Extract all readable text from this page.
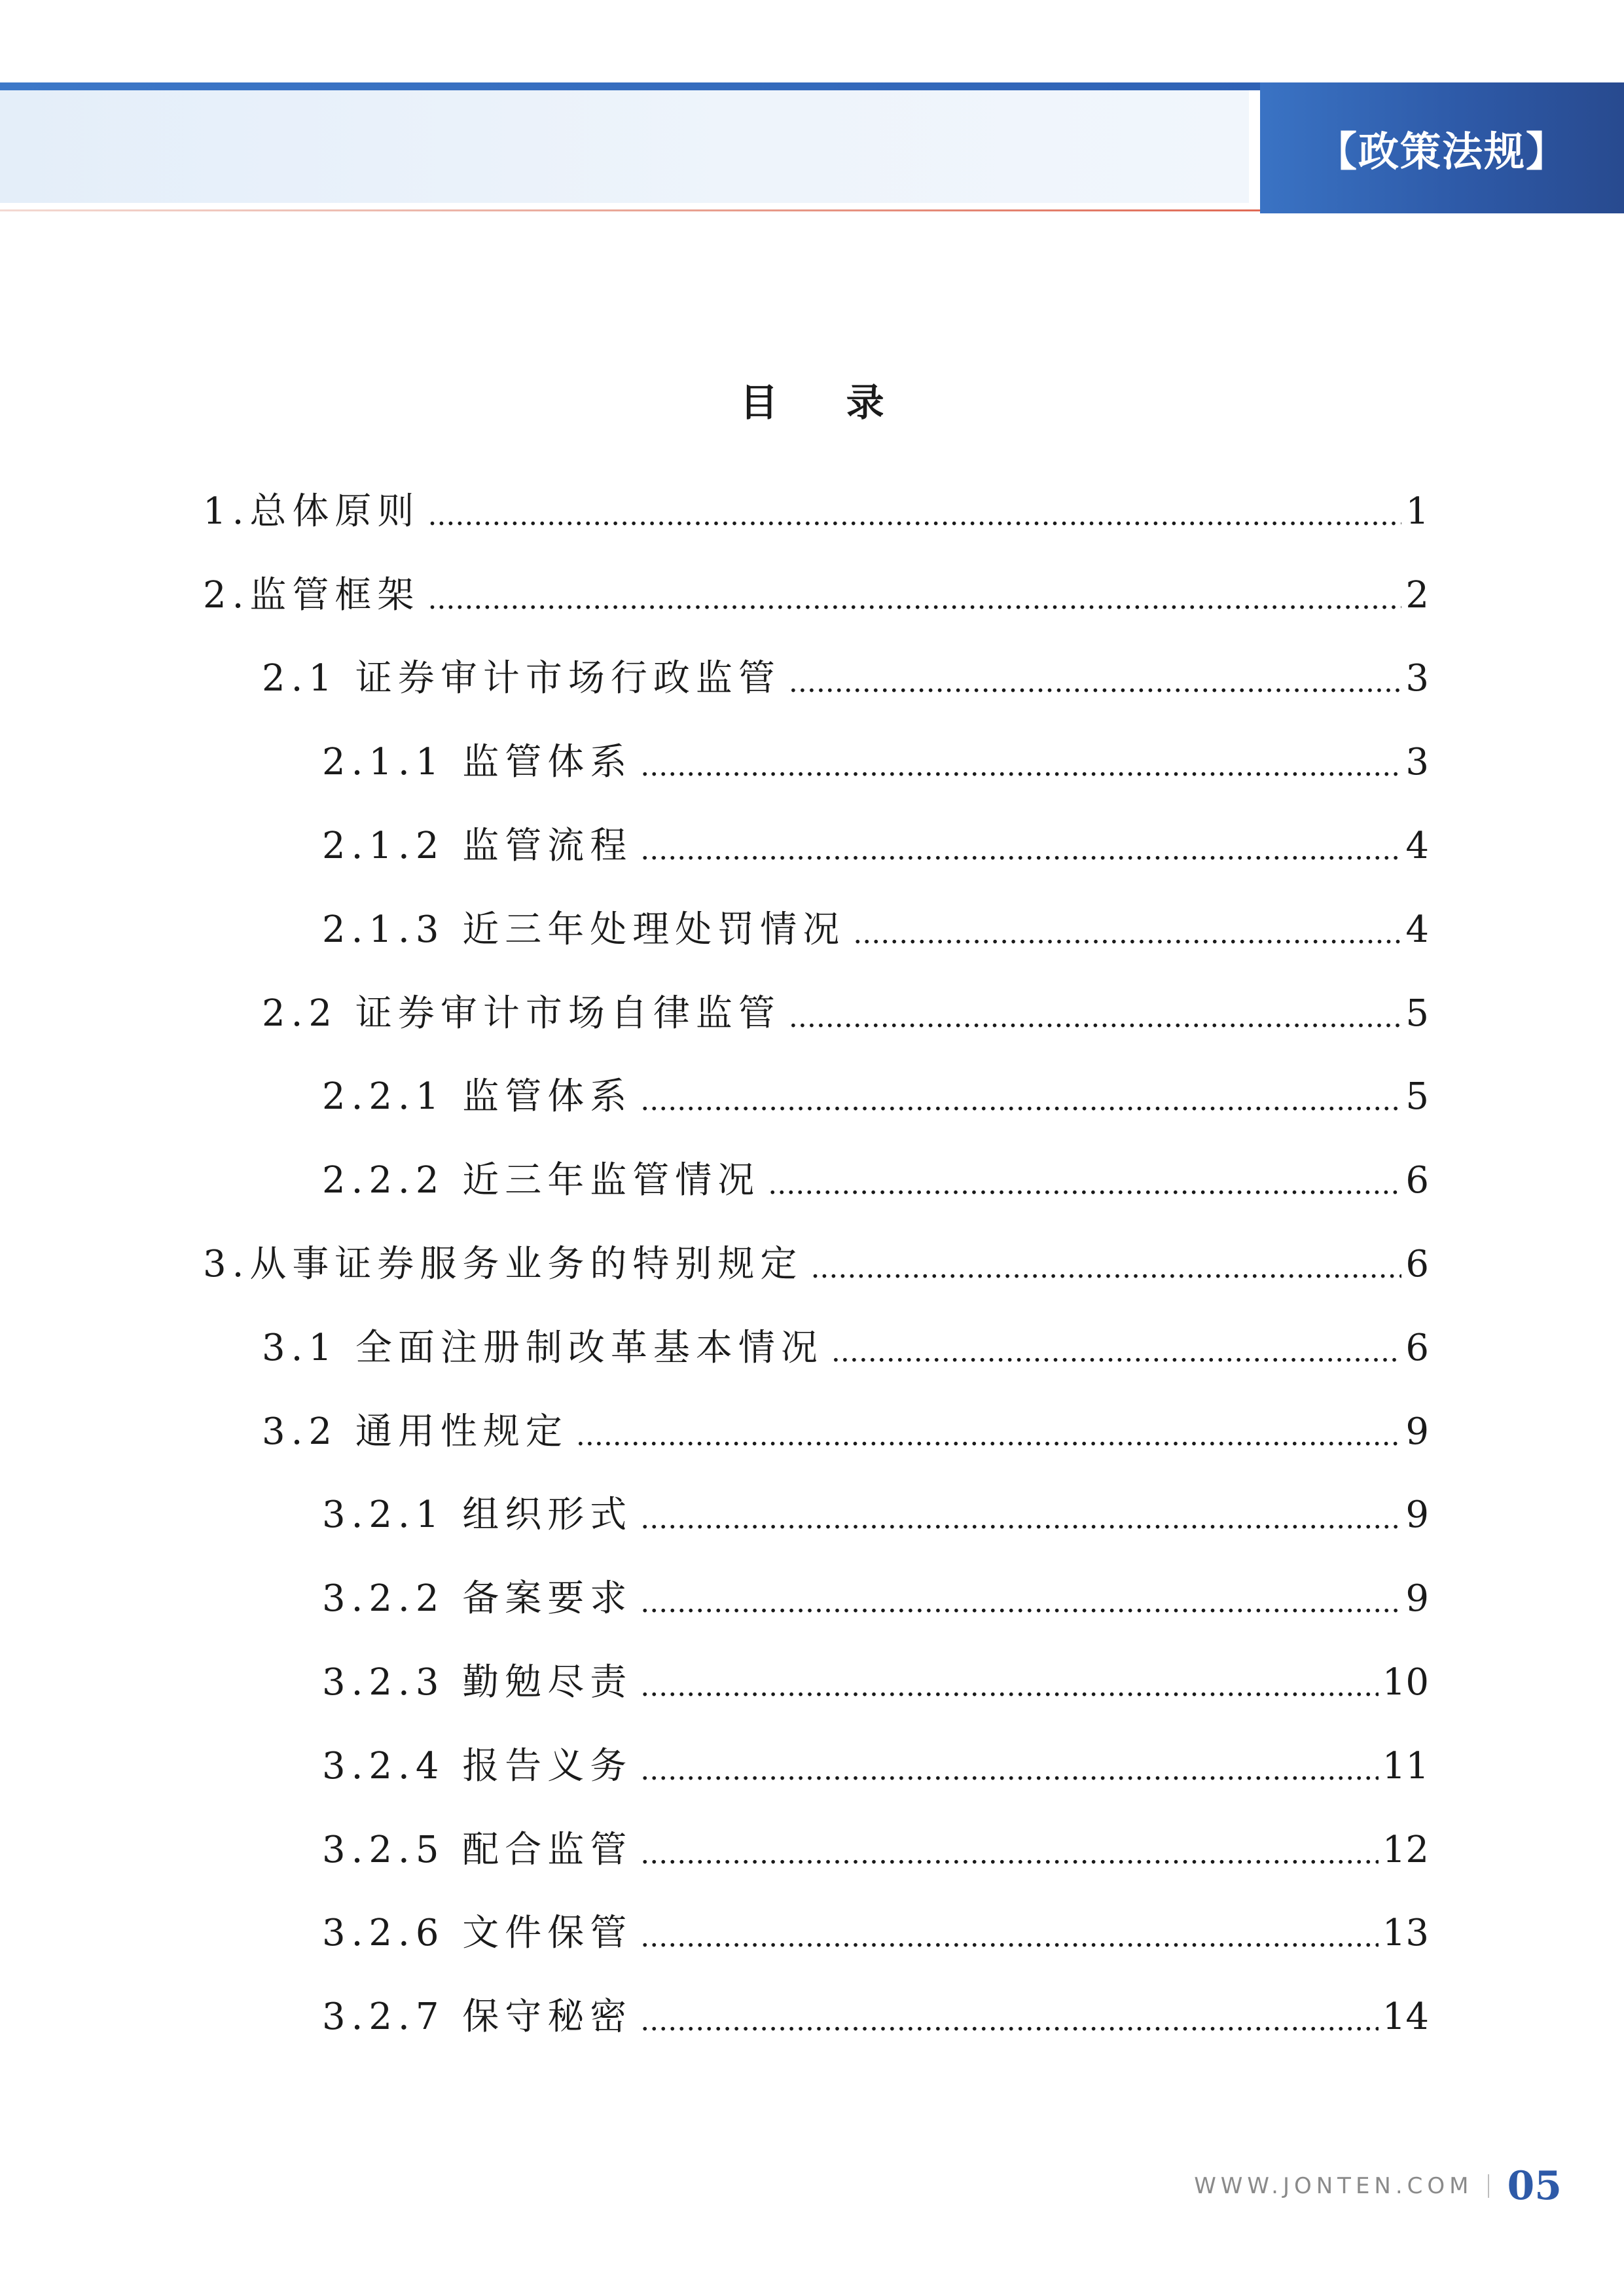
【政策法规】
目 录
1.总体原则 .....	1
2.监管框架 .....	2
2.1 证券审计市场行政监管 .....	3
2.1.1 监管体系 .....	3
2.1.2 监管流程 .....	4
2.1.3 近三年处理处罚情况 .....	4
2.2 证券审计市场自律监管 .....	5
2.2.1 监管体系 .....	5
2.2.2 近三年监管情况 .....	6
3.从事证券服务业务的特别规定 .....	6
3.1 全面注册制改革基本情况 .....	6
3.2 通用性规定 .....	9
3.2.1 组织形式 .....	9
3.2.2 备案要求 .....	9
3.2.3 勤勉尽责 .....	10
3.2.4 报告义务 .....	11
3.2.5 配合监管 .....	12
3.2.6 文件保管 .....	13
3.2.7 保守秘密 .....	14
WWW.JONTEN.COM 05
